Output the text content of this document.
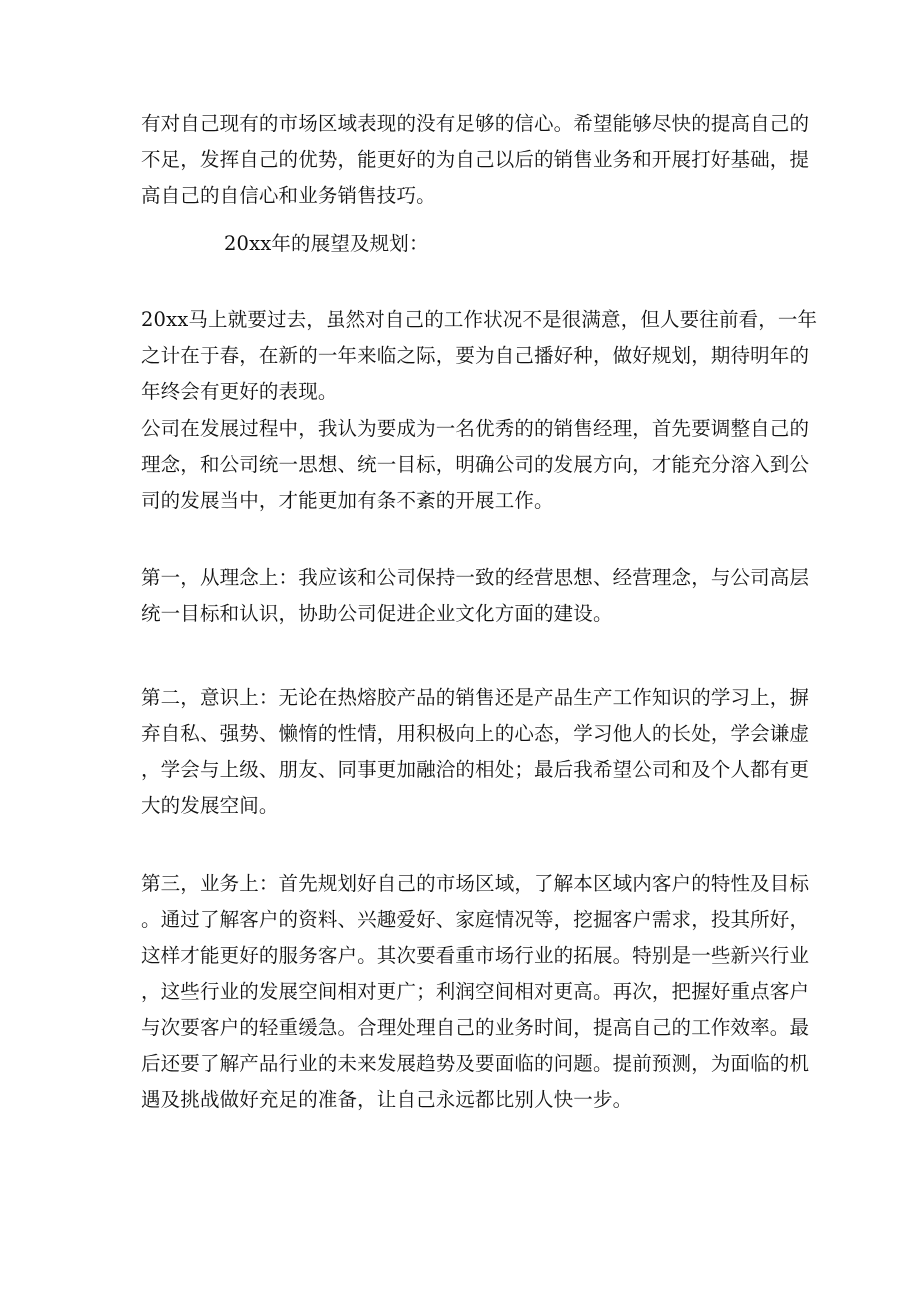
有对自己现有的市场区域表现的没有足够的信心。希望能够尽快的提高自己的
不足，发挥自己的优势，能更好的为自己以后的销售业务和开展打好基础，提
高自己的自信心和业务销售技巧。
20xx年的展望及规划：
20xx马上就要过去，虽然对自己的工作状况不是很满意，但人要往前看，一年
之计在于春，在新的一年来临之际，要为自己播好种，做好规划，期待明年的
年终会有更好的表现。
公司在发展过程中，我认为要成为一名优秀的的销售经理，首先要调整自己的
理念，和公司统一思想、统一目标，明确公司的发展方向，才能充分溶入到公
司的发展当中，才能更加有条不紊的开展工作。
第一，从理念上：我应该和公司保持一致的经营思想、经营理念，与公司高层
统一目标和认识，协助公司促进企业文化方面的建设。
第二，意识上：无论在热熔胶产品的销售还是产品生产工作知识的学习上，摒
弃自私、强势、懒惰的性情，用积极向上的心态，学习他人的长处，学会谦虚
，学会与上级、朋友、同事更加融洽的相处；最后我希望公司和及个人都有更
大的发展空间。
第三，业务上：首先规划好自己的市场区域，了解本区域内客户的特性及目标
。通过了解客户的资料、兴趣爱好、家庭情况等，挖掘客户需求，投其所好，
这样才能更好的服务客户。其次要看重市场行业的拓展。特别是一些新兴行业
，这些行业的发展空间相对更广；利润空间相对更高。再次，把握好重点客户
与次要客户的轻重缓急。合理处理自己的业务时间，提高自己的工作效率。最
后还要了解产品行业的未来发展趋势及要面临的问题。提前预测，为面临的机
遇及挑战做好充足的准备，让自己永远都比别人快一步。
